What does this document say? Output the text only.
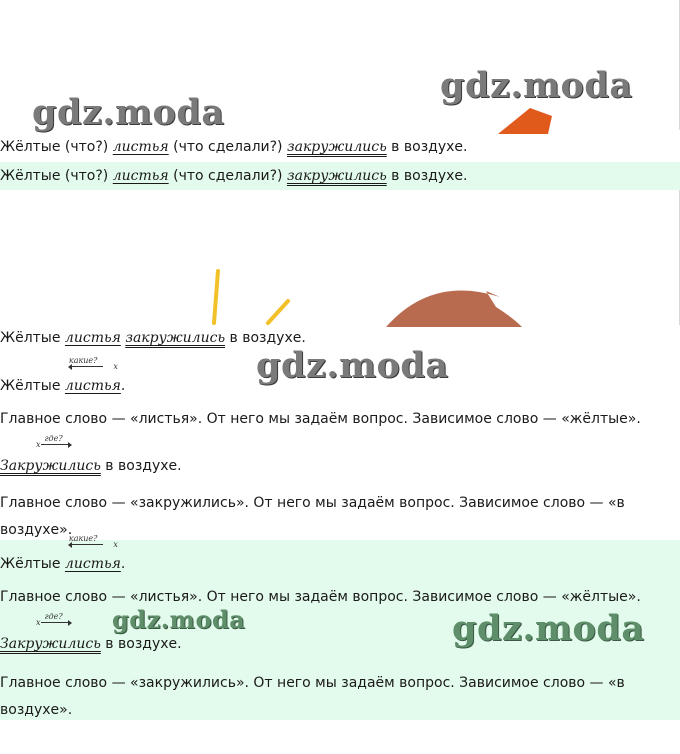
gdz.moda
gdz.moda
Жёлтые (что?) листья (что сделали?) закружились в воздухе.
Жёлтые (что?) листья (что сделали?) закружились в воздухе.
Жёлтые листья закружились в воздухе.
gdz.moda
Жёлтые
какие?x
листья.
Главное слово — «листья». От него мы задаём вопрос. Зависимое слово — «жёлтые».
xгде?
Закружились в воздухе.
Главное слово — «закружились». От него мы задаём вопрос. Зависимое слово — «в
воздухе».
Жёлтые
какие?x
листья.
Главное слово — «листья». От него мы задаём вопрос. Зависимое слово — «жёлтые».
gdz.moda	gdz.moda
xгде?
Закружились в воздухе.
Главное слово — «закружились». От него мы задаём вопрос. Зависимое слово — «в
воздухе».
